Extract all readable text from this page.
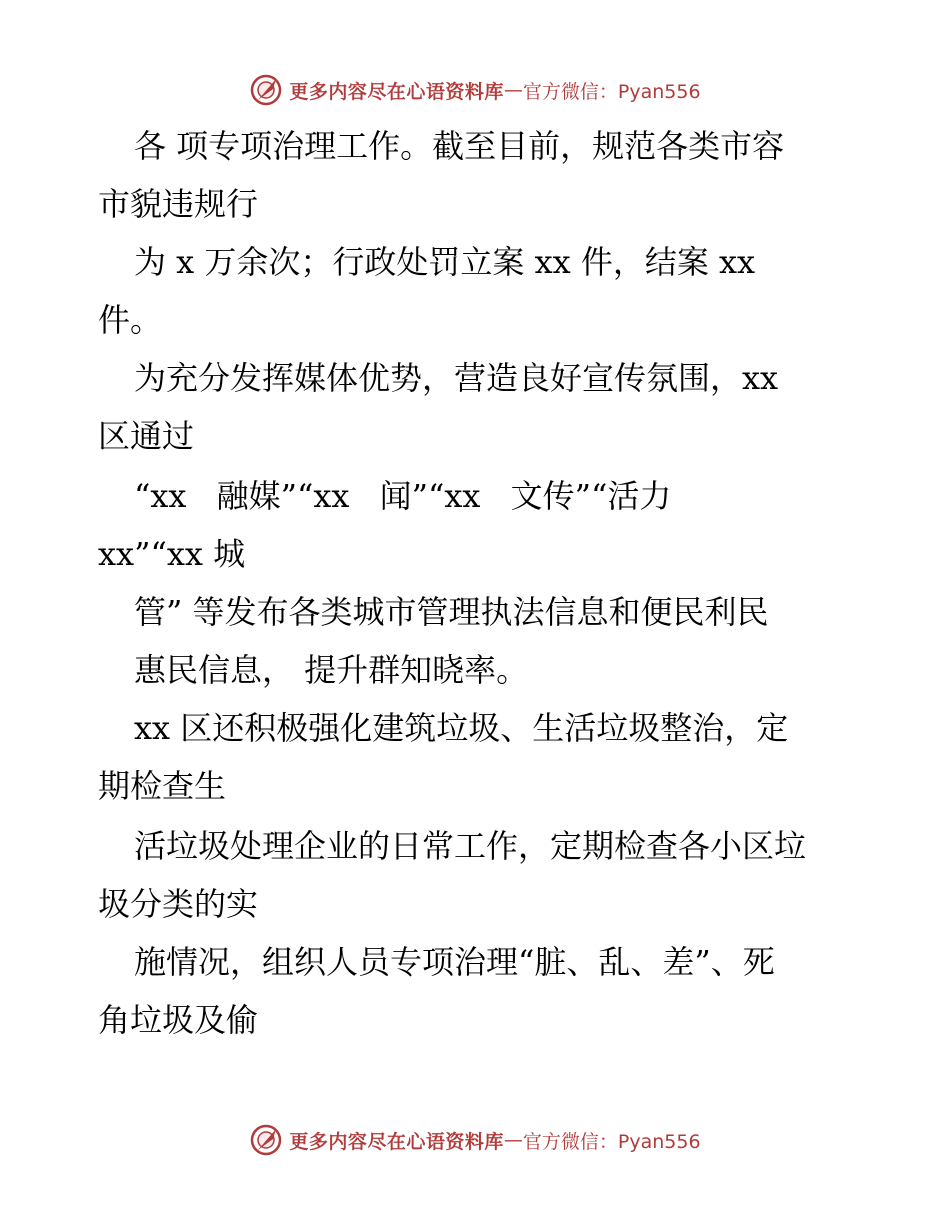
更多内容尽在心语资料库 — 官方微信：Pyan556
各 项专项治理工作。截至目前，规范各类市容
市貌违规行
为 x 万余次；行政处罚立案 xx 件，结案 xx
件。
为充分发挥媒体优势，营造良好宣传氛围，xx
区通过
“xx 融媒”“xx 闻”“xx 文传”“活力
xx”“xx 城
管” 等发布各类城市管理执法信息和便民利民
惠民信息， 提升群知晓率。
xx 区还积极强化建筑垃圾、生活垃圾整治，定
期检查生
活垃圾处理企业的日常工作，定期检查各小区垃
圾分类的实
施情况，组织人员专项治理“脏、乱、差”、死
角垃圾及偷
更多内容尽在心语资料库 — 官方微信：Pyan556
